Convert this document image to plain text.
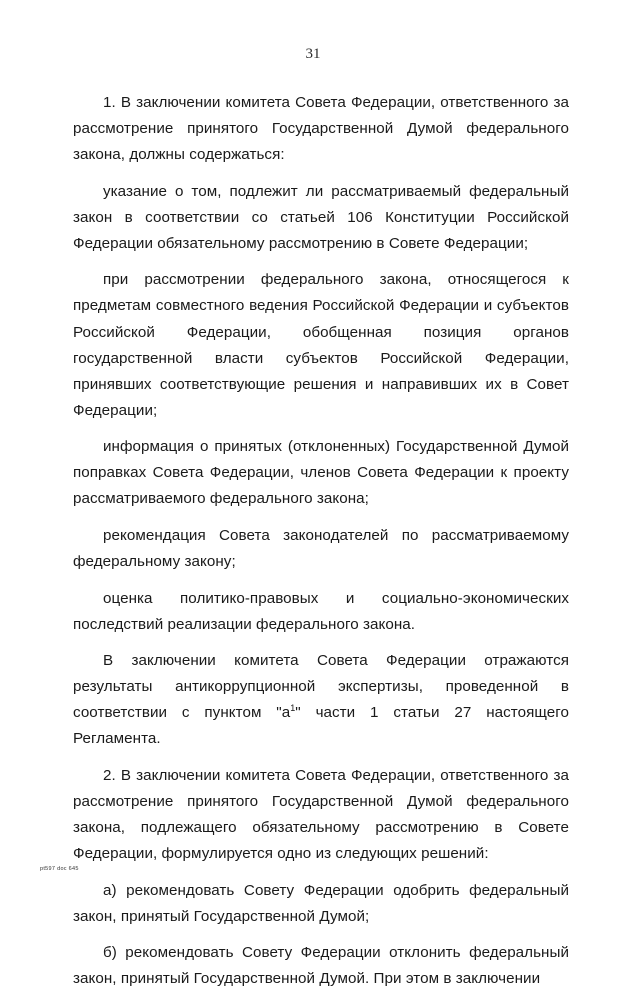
31

1. В заключении комитета Совета Федерации, ответственного за рассмотрение принятого Государственной Думой федерального закона, должны содержаться:

указание о том, подлежит ли рассматриваемый федеральный закон в соответствии со статьей 106 Конституции Российской Федерации обязательному рассмотрению в Совете Федерации;

при рассмотрении федерального закона, относящегося к предметам совместного ведения Российской Федерации и субъектов Российской Федерации, обобщенная позиция органов государственной власти субъектов Российской Федерации, принявших соответствующие решения и направивших их в Совет Федерации;

информация о принятых (отклоненных) Государственной Думой поправках Совета Федерации, членов Совета Федерации к проекту рассматриваемого федерального закона;

рекомендация Совета законодателей по рассматриваемому федеральному закону;

оценка политико-правовых и социально-экономических последствий реализации федерального закона.

В заключении комитета Совета Федерации отражаются результаты антикоррупционной экспертизы, проведенной в соответствии с пунктом "$а^1$" части 1 статьи 27 настоящего Регламента.

2. В заключении комитета Совета Федерации, ответственного за рассмотрение принятого Государственной Думой федерального закона, подлежащего обязательному рассмотрению в Совете Федерации, формулируется одно из следующих решений:

а) рекомендовать Совету Федерации одобрить федеральный закон, принятый Государственной Думой;

б) рекомендовать Совету Федерации отклонить федеральный закон, принятый Государственной Думой. При этом в заключении

pt597 doc 645
